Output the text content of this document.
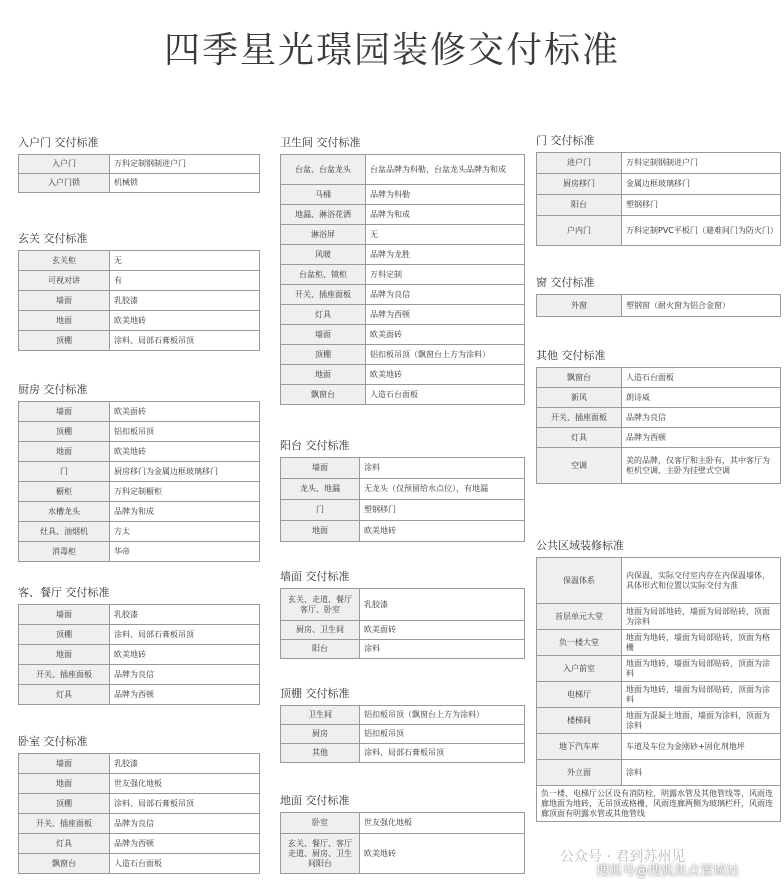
四季星光璟园装修交付标准
入户门 交付标准
入户门	万科定制钢制进户门
入户门锁	机械锁
玄关 交付标准
玄关柜	无
可视对讲	有
墙面	乳胶漆
地面	欧美地砖
顶棚	涂料、局部石膏板吊顶
厨房 交付标准
墙面	欧美面砖
顶棚	铝扣板吊顶
地面	欧美地砖
门	厨房移门为金属边框玻璃移门
橱柜	万科定制橱柜
水槽龙头	品牌为和成
灶具、油烟机	方太
消毒柜	华帝
客、餐厅 交付标准
墙面	乳胶漆
顶棚	涂料、局部石膏板吊顶
地面	欧美地砖
开关、插座面板	品牌为良信
灯具	品牌为西顿
卧室 交付标准
墙面	乳胶漆
地面	世友强化地板
顶棚	涂料、局部石膏板吊顶
开关、插座面板	品牌为良信
灯具	品牌为西顿
飘窗台	人造石台面板
卫生间 交付标准
台盆、台盆龙头	台盆品牌为科勒，台盆龙头品牌为和成
马桶	品牌为科勒
地漏、淋浴花洒	品牌为和成
淋浴屏	无
风暖	品牌为龙胜
台盆柜、镜柜	万科定制
开关、插座面板	品牌为良信
灯具	品牌为西顿
墙面	欧美面砖
顶棚	铝扣板吊顶（飘窗台上方为涂料）
地面	欧美地砖
飘窗台	人造石台面板
阳台 交付标准
墙面	涂料
龙头、地漏	无龙头（仅预留给水点位），有地漏
门	塑钢移门
地面	欧美地砖
墙面 交付标准
玄关、走道、餐厅客厅、卧室	乳胶漆
厨房、卫生间	欧美面砖
阳台	涂料
顶棚 交付标准
卫生间	铝扣板吊顶（飘窗台上方为涂料）
厨房	铝扣板吊顶
其他	涂料、局部石膏板吊顶
地面 交付标准
卧室	世友强化地板
玄关、餐厅、客厅走道、厨房、卫生间阳台	欧美地砖
门 交付标准
进户门	万科定制钢制进户门
厨房移门	金属边框玻璃移门
阳台	塑钢移门
户内门	万科定制PVC平板门（避难间门为防火门）
窗 交付标准
外窗	塑钢窗（耐火窗为铝合金窗）
其他 交付标准
飘窗台	人造石台面板
新风	朗诗威
开关、插座面板	品牌为良信
灯具	品牌为西顿
空调	美的品牌，仅客厅和主卧有，其中客厅为柜机空调、主卧为挂壁式空调
公共区域装修标准
保温体系	内保温，实际交付室内存在内保温墙体，具体形式和位置以实际交付为准
首层单元大堂	地面为局部地砖，墙面为局部贴砖，顶面为涂料
负一楼大堂	地面为地砖，墙面为局部贴砖，顶面为格栅
入户前室	地面为地砖，墙面为局部贴砖，顶面为涂料
电梯厅	地面为地砖，墙面为局部贴砖，顶面为涂料
楼梯间	地面为混凝土地面，墙面为涂料，顶面为涂料
地下汽车库	车道及车位为金刚砂+固化剂地坪
外立面	涂料
负一楼、电梯厅公区设有消防栓，明露水管及其他管线等，风雨连廊地面为地砖，无吊顶或格栅，风雨连廊两侧为玻璃栏杆，风雨连廊顶面有明露水管或其他管线	
公众号 · 君到苏州见
搜狐号@搜狐焦点置城站
